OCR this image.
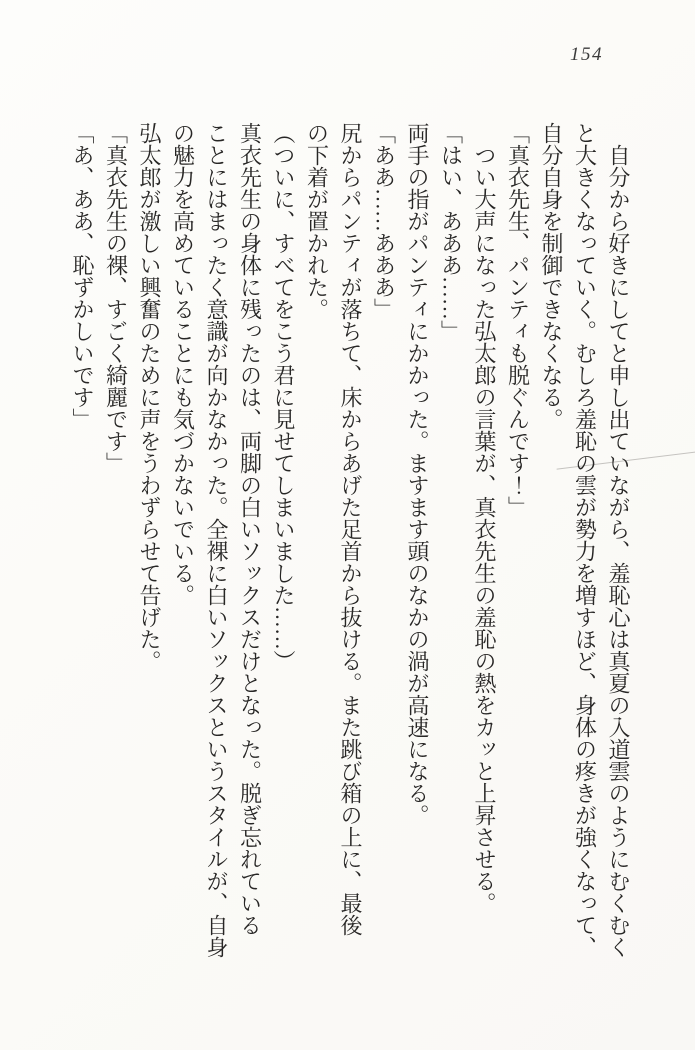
154

自分から好きにしてと申し出ていながら、羞恥心は真夏の入道雲のようにむくむく

と大きくなっていく。むしろ羞恥の雲が勢力を増すほど、身体の疼きが強くなって、

自分自身を制御できなくなる。

「真衣先生、パンティも脱ぐんです！」

つい大声になった弘太郎の言葉が、真衣先生の羞恥の熱をカッと上昇させる。

「はい、あああ……」

両手の指がパンティにかかった。ますます頭のなかの渦が高速になる。

「ああ……あああ」

尻からパンティが落ちて、床からあげた足首から抜ける。また跳び箱の上に、最後

の下着が置かれた。

（ついに、すべてをこう君に見せてしまいました……）

真衣先生の身体に残ったのは、両脚の白いソックスだけとなった。脱ぎ忘れている

ことにはまったく意識が向かなかった。全裸に白いソックスというスタイルが、自身

の魅力を高めていることにも気づかないでいる。

弘太郎が激しい興奮のために声をうわずらせて告げた。

「真衣先生の裸、すごく綺麗です」

「あ、ああ、恥ずかしいです」
